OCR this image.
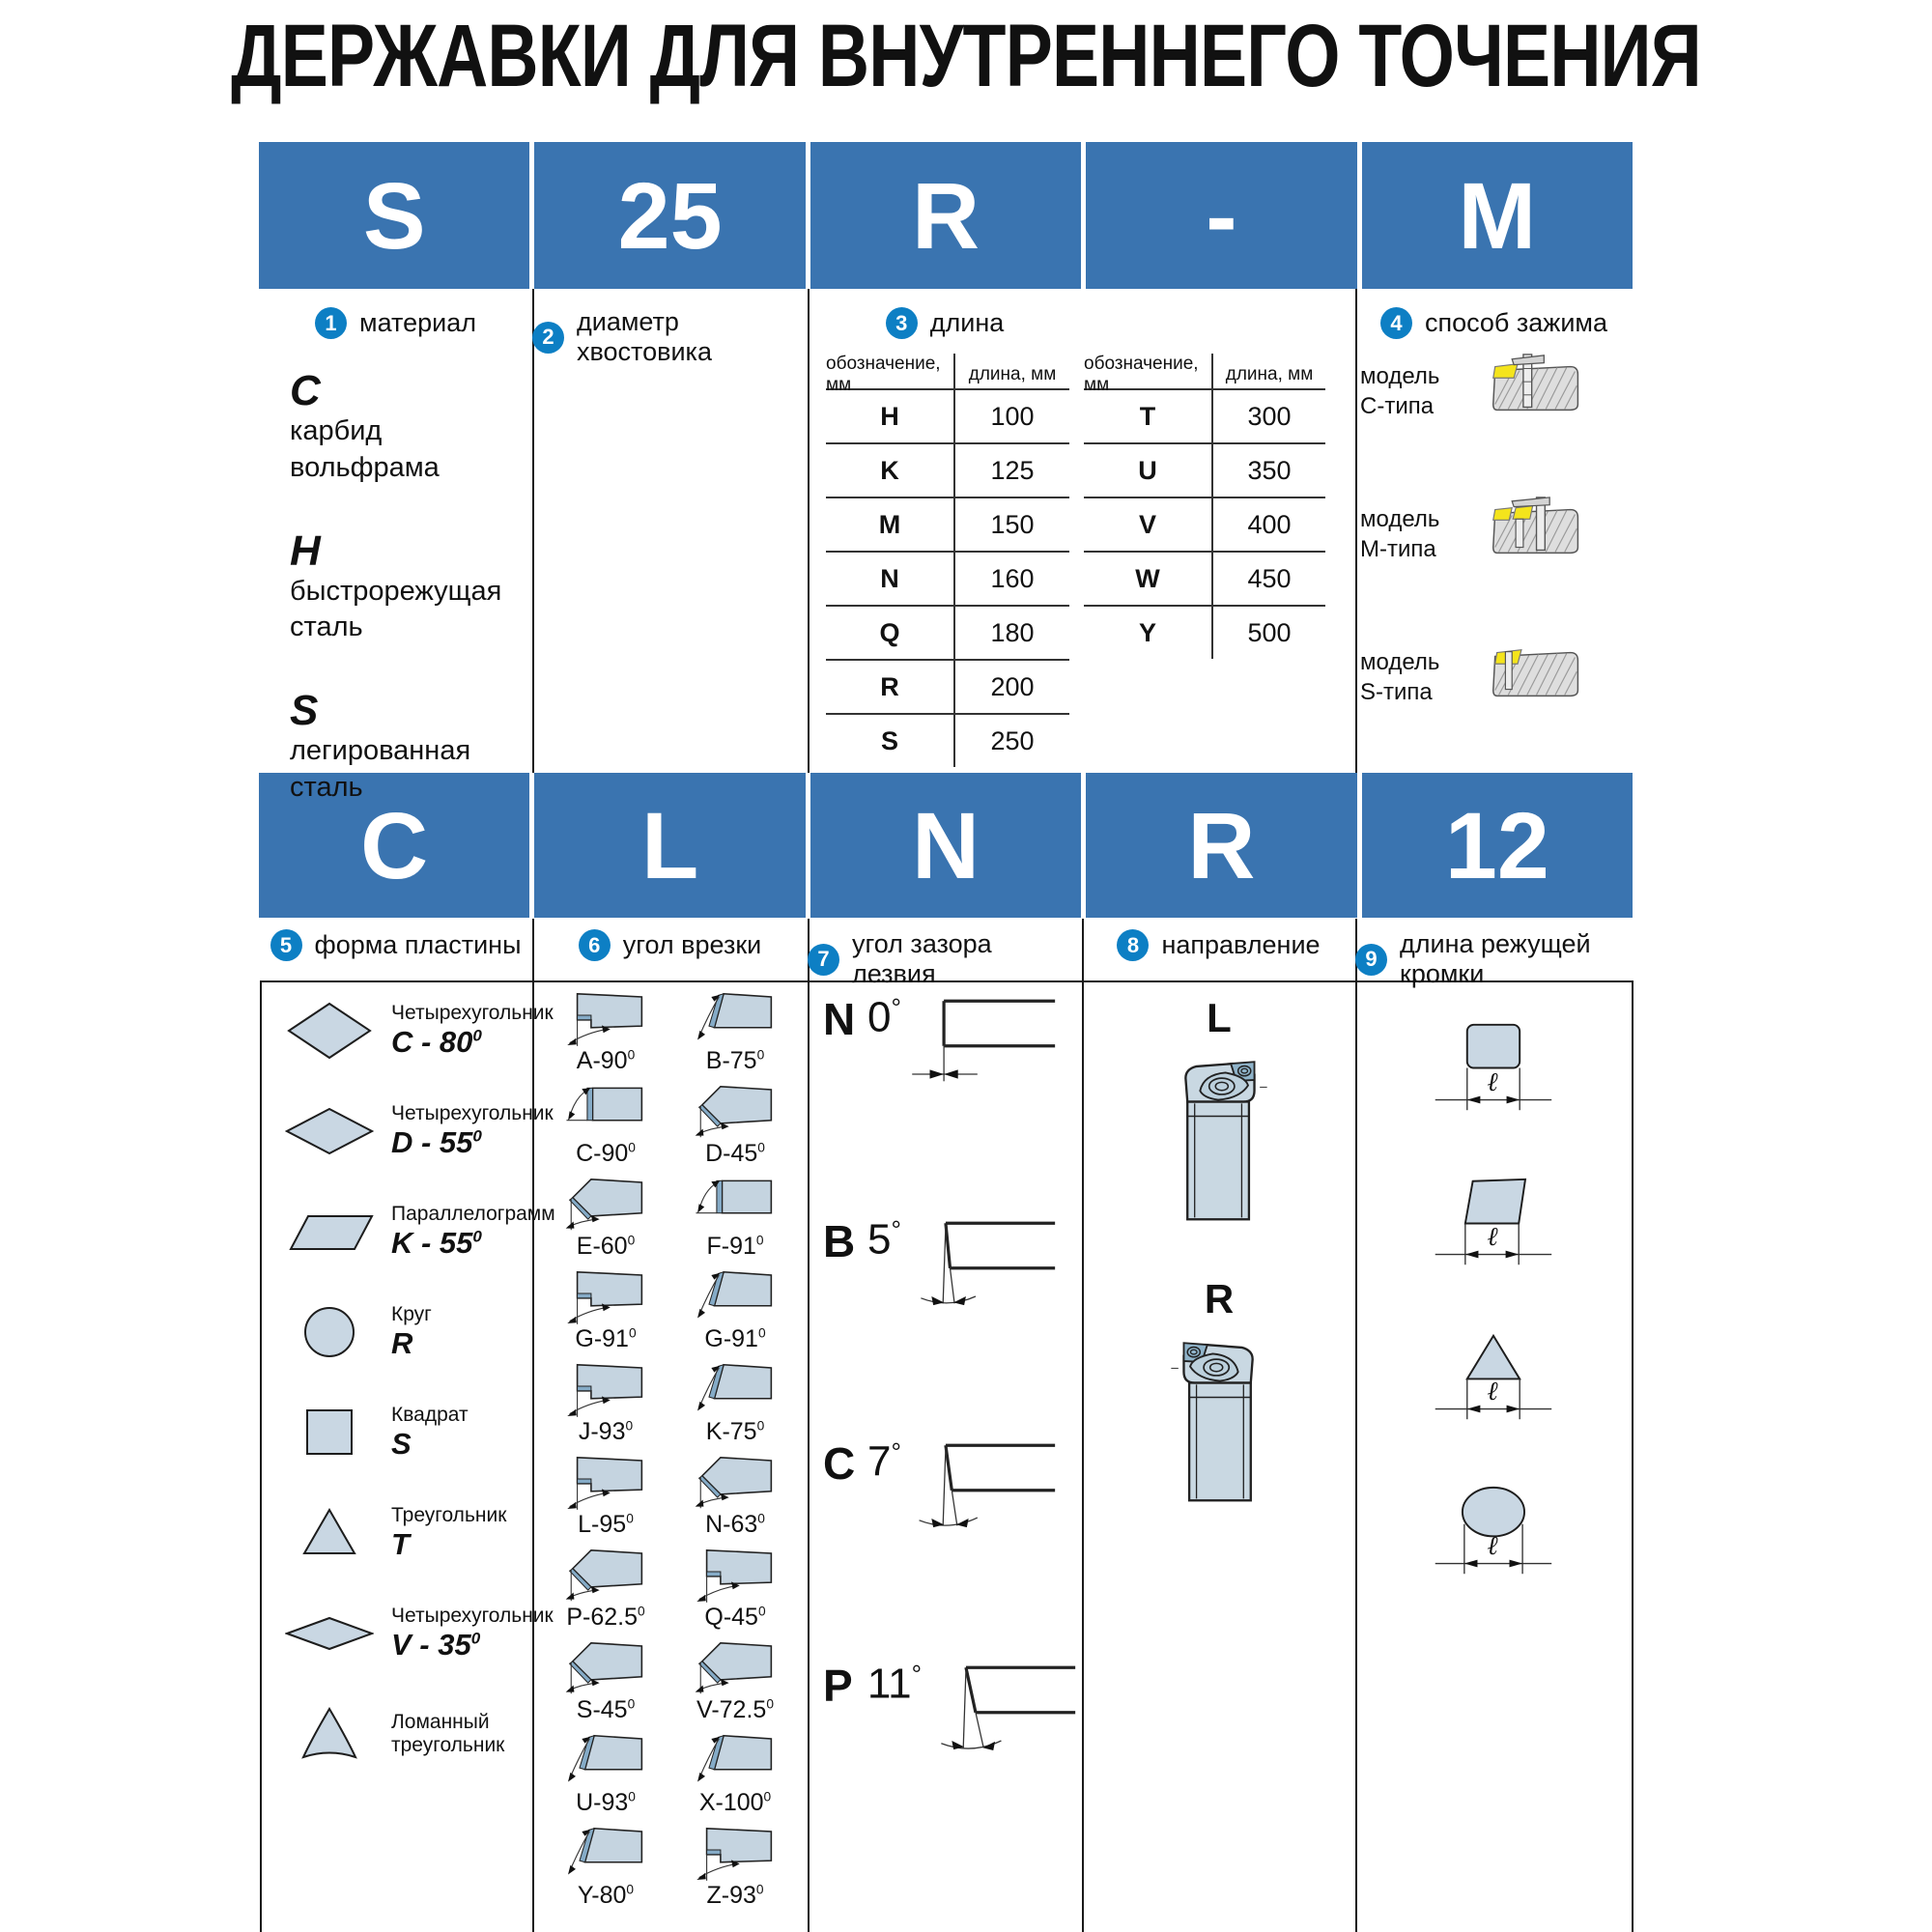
ДЕРЖАВКИ ДЛЯ ВНУТРЕННЕГО ТОЧЕНИЯ
S 25 R - M
C L N R 12
1 материал	2
диаметр хвостовика
3 длина	4 способ зажима
C
карбид вольфрама
H
быстрорежущая сталь
S
легированная сталь
обозначение, мм
длина, мм
H	100
K	125
M	150
N	160
Q	180
R	200
S	250
обозначение, мм
длина, мм
T	300
U	350
V	400
W	450
Y	500
модель
С-типа
модель
М-типа
модель
S-типа
5 форма пластины	6 угол врезки	7
угол зазора лезвия
8 направление	9
длина режущей кромки
Четырехугольник
C - $80^0$
Четырехугольник
D - $55^0$
Параллелограмм
K - $55^0$
Круг
R
Квадрат
S
Треугольник
T
Четырехугольник
V - $35^0$
Ломанный треугольник
$A-90^0$	$B-75^0$
$C-90^0$	$D-45^0$
$E-60^0$	$F-91^0$
$G-91^0$	$G-91^0$
$J-93^0$	$K-75^0$
$L-95^0$	$N-63^0$
P-62.5$^0$ $Q-45^0$
$S-45^0$	V-72.5$^0$
$U-93^0$	$X-100^0$
$Y-80^0$	$Z-93^0$
N 0°
B 5°
C 7°
P 11°
L
R
ℓ
ℓ
ℓ
ℓ
